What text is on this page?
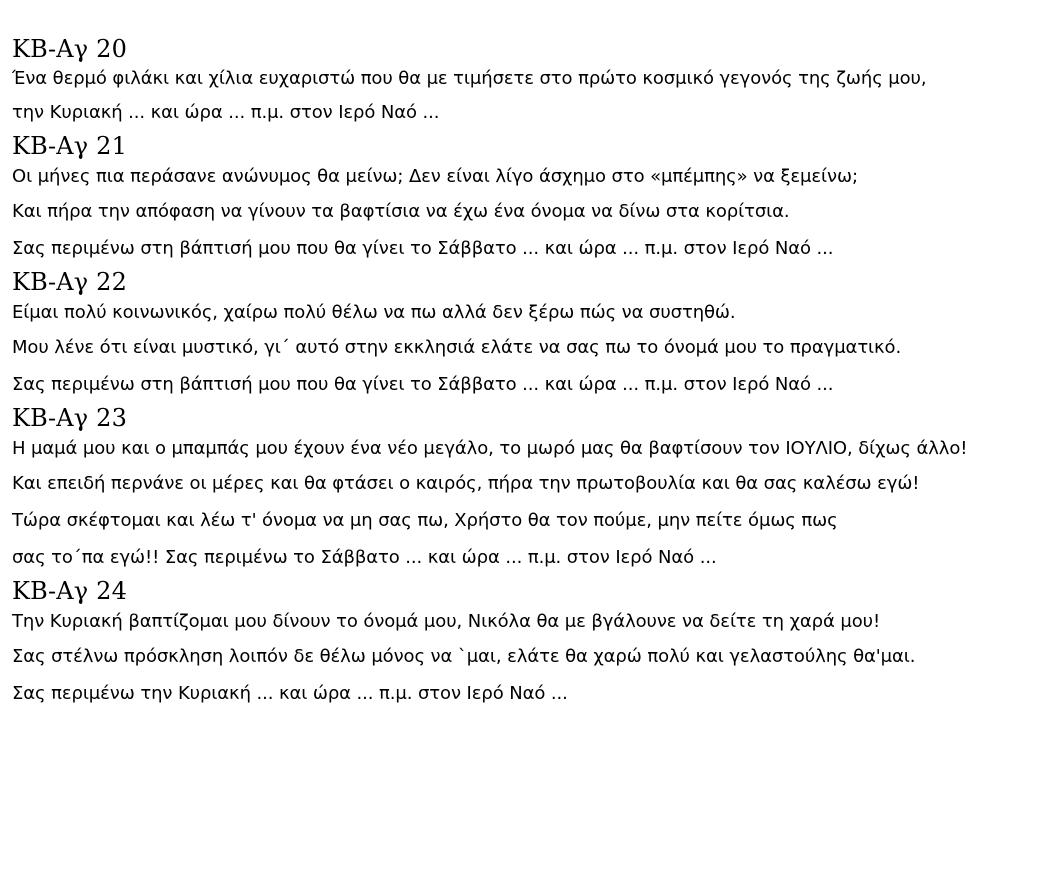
ΚΒ-Αγ 20
Ένα θερμό φιλάκι και χίλια ευχαριστώ που θα με τιμήσετε στο πρώτο κοσμικό γεγονός της ζωής μου,
την Κυριακή ... και ώρα ... π.μ. στον Ιερό Ναό ...
ΚΒ-Αγ 21
Οι μήνες πια περάσανε ανώνυμος θα μείνω; Δεν είναι λίγο άσχημο στο «μπέμπης» να ξεμείνω;
Και πήρα την απόφαση να γίνουν τα βαφτίσια να έχω ένα όνομα να δίνω στα κορίτσια.
Σας περιμένω στη βάπτισή μου που θα γίνει το Σάββατο ... και ώρα ... π.μ. στον Ιερό Ναό ...
ΚΒ-Αγ 22
Είμαι πολύ κοινωνικός, χαίρω πολύ θέλω να πω αλλά δεν ξέρω πώς να συστηθώ.
Μου λένε ότι είναι μυστικό, γι΄ αυτό στην εκκλησιά ελάτε να σας πω το όνομά μου το πραγματικό.
Σας περιμένω στη βάπτισή μου που θα γίνει το Σάββατο ... και ώρα ... π.μ. στον Ιερό Ναό ...
ΚΒ-Αγ 23
Η μαμά μου και ο μπαμπάς μου έχουν ένα νέο μεγάλο, το μωρό μας θα βαφτίσουν τον ΙΟΥΛΙΟ, δίχως άλλο!
Και επειδή περνάνε οι μέρες και θα φτάσει ο καιρός, πήρα την πρωτοβουλία και θα σας καλέσω εγώ!
Τώρα σκέφτομαι και λέω τ' όνομα να μη σας πω, Χρήστο θα τον πούμε, μην πείτε όμως πως
σας το΄πα εγώ!! Σας περιμένω το Σάββατο ... και ώρα ... π.μ. στον Ιερό Ναό ...
ΚΒ-Αγ 24
Την Κυριακή βαπτίζομαι μου δίνουν το όνομά μου, Νικόλα θα με βγάλουνε να δείτε τη χαρά μου!
Σας στέλνω πρόσκληση λοιπόν δε θέλω μόνος να `μαι, ελάτε θα χαρώ πολύ και γελαστούλης θα'μαι.
Σας περιμένω την Κυριακή ... και ώρα ... π.μ. στον Ιερό Ναό ...
